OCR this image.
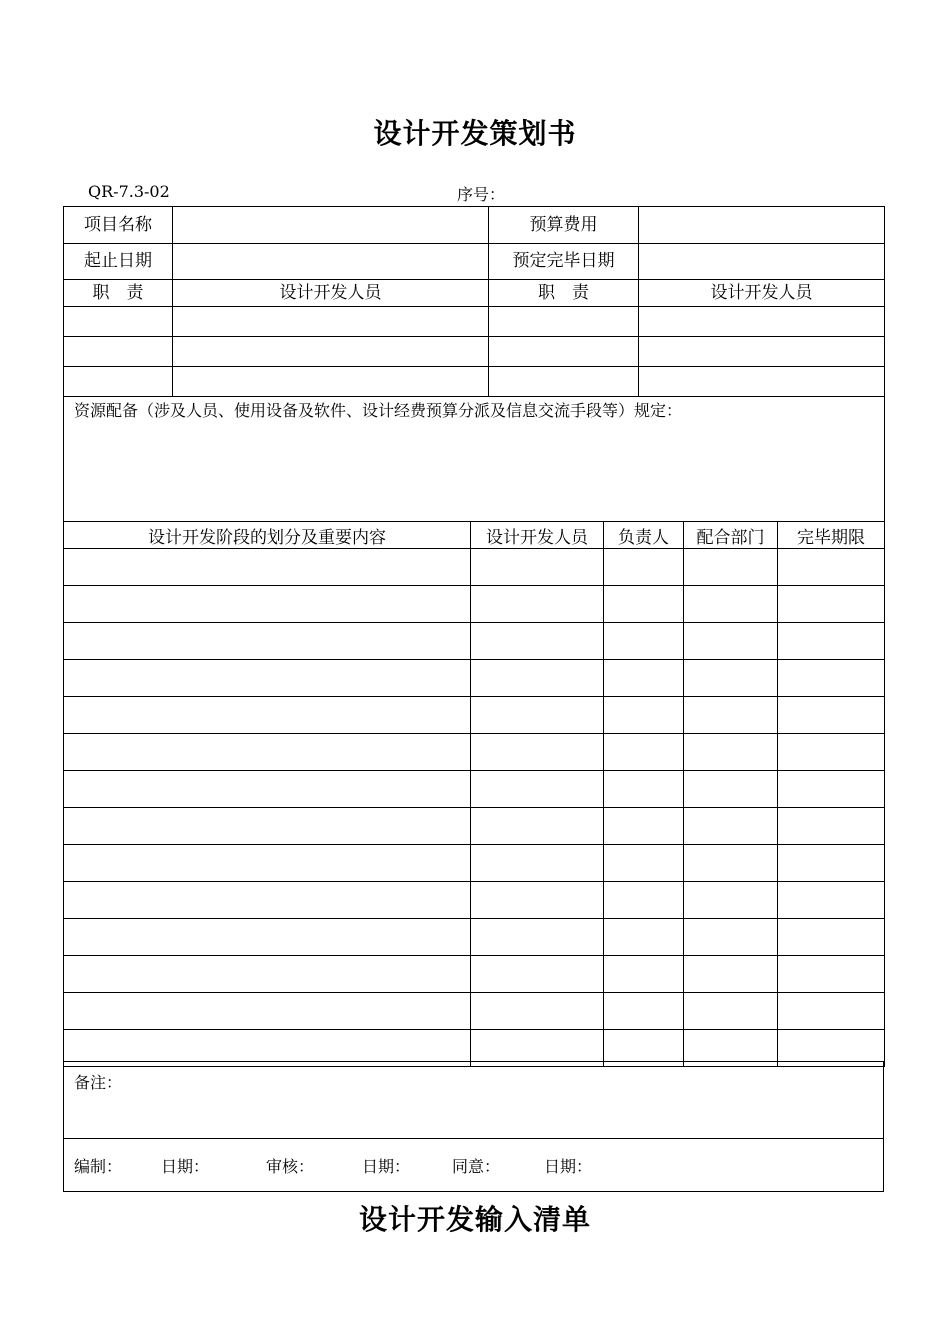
设计开发策划书
QR-7.3-02	序号：
项目名称		预算费用	
起止日期		预定完毕日期	
职　责	设计开发人员	职　责	设计开发人员

资源配备（涉及人员、使用设备及软件、设计经费预算分派及信息交流手段等）规定：			
设计开发阶段的划分及重要内容	设计开发人员	负责人	配合部门	完毕期限

备注：
编制： 日期：	审核：	日期：	同意：	日期：
设计开发输入清单
